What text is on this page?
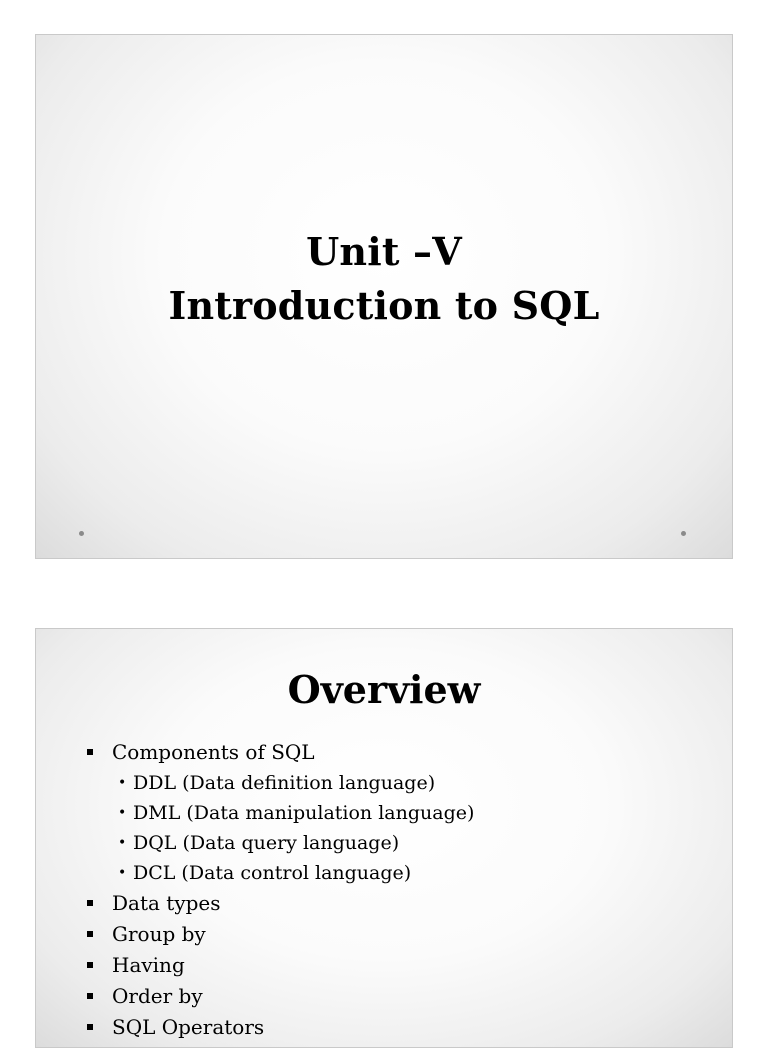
Unit –V
Introduction to SQL
Overview
Components of SQL
• DDL (Data definition language)
• DML (Data manipulation language)
• DQL (Data query language)
• DCL (Data control language)
Data types
Group by
Having
Order by
SQL Operators
